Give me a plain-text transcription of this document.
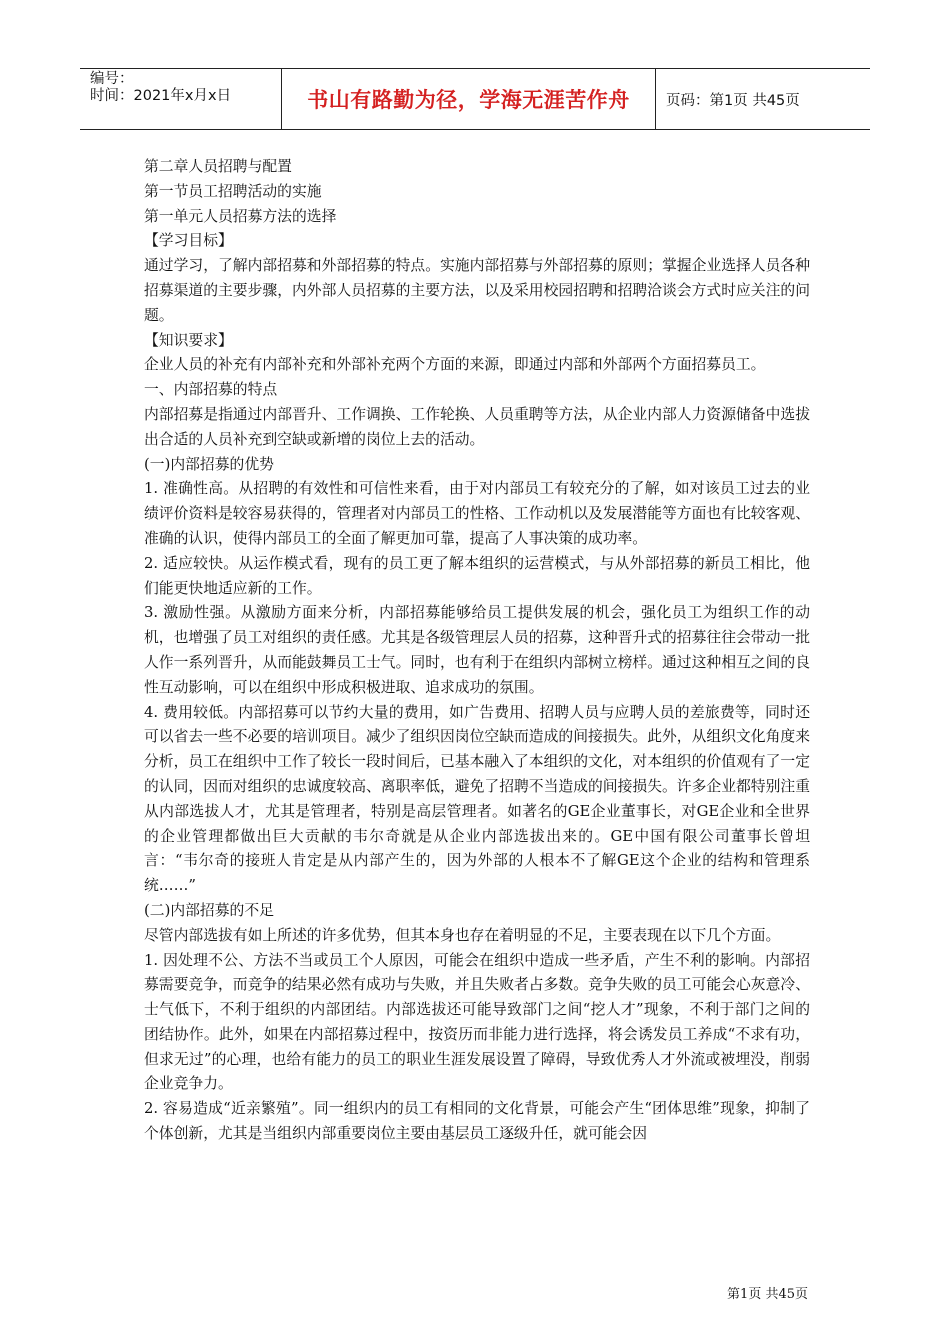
编号：
时间：2021年x月x日	书山有路勤为径，学海无涯苦作舟	页码：第1页 共45页

第二章人员招聘与配置

第一节员工招聘活动的实施

第一单元人员招募方法的选择

【学习目标】

通过学习，了解内部招募和外部招募的特点。实施内部招募与外部招募的原则；掌握企业选择人员各种招募渠道的主要步骤，内外部人员招募的主要方法，以及采用校园招聘和招聘洽谈会方式时应关注的问题。

【知识要求】

企业人员的补充有内部补充和外部补充两个方面的来源，即通过内部和外部两个方面招募员工。

一、内部招募的特点

内部招募是指通过内部晋升、工作调换、工作轮换、人员重聘等方法，从企业内部人力资源储备中选拔出合适的人员补充到空缺或新增的岗位上去的活动。

(一)内部招募的优势

1. 准确性高。从招聘的有效性和可信性来看，由于对内部员工有较充分的了解，如对该员工过去的业绩评价资料是较容易获得的，管理者对内部员工的性格、工作动机以及发展潜能等方面也有比较客观、准确的认识，使得内部员工的全面了解更加可靠，提高了人事决策的成功率。

2. 适应较快。从运作模式看，现有的员工更了解本组织的运营模式，与从外部招募的新员工相比，他们能更快地适应新的工作。

3. 激励性强。从激励方面来分析，内部招募能够给员工提供发展的机会，强化员工为组织工作的动机，也增强了员工对组织的责任感。尤其是各级管理层人员的招募，这种晋升式的招募往往会带动一批人作一系列晋升，从而能鼓舞员工士气。同时，也有利于在组织内部树立榜样。通过这种相互之间的良性互动影响，可以在组织中形成积极进取、追求成功的氛围。

4. 费用较低。内部招募可以节约大量的费用，如广告费用、招聘人员与应聘人员的差旅费等，同时还可以省去一些不必要的培训项目。减少了组织因岗位空缺而造成的间接损失。此外，从组织文化角度来分析，员工在组织中工作了较长一段时间后，已基本融入了本组织的文化，对本组织的价值观有了一定的认同，因而对组织的忠诚度较高、离职率低，避免了招聘不当造成的间接损失。许多企业都特别注重从内部选拔人才，尤其是管理者，特别是高层管理者。如著名的GE企业董事长，对GE企业和全世界的企业管理都做出巨大贡献的韦尔奇就是从企业内部选拔出来的。GE中国有限公司董事长曾坦言：“韦尔奇的接班人肯定是从内部产生的，因为外部的人根本不了解GE这个企业的结构和管理系统……”

(二)内部招募的不足

尽管内部选拔有如上所述的许多优势，但其本身也存在着明显的不足，主要表现在以下几个方面。

1. 因处理不公、方法不当或员工个人原因，可能会在组织中造成一些矛盾，产生不利的影响。内部招募需要竞争，而竞争的结果必然有成功与失败，并且失败者占多数。竞争失败的员工可能会心灰意冷、士气低下，不利于组织的内部团结。内部选拔还可能导致部门之间“挖人才”现象，不利于部门之间的团结协作。此外，如果在内部招募过程中，按资历而非能力进行选择，将会诱发员工养成“不求有功，但求无过”的心理，也给有能力的员工的职业生涯发展设置了障碍，导致优秀人才外流或被埋没，削弱企业竞争力。

2. 容易造成“近亲繁殖”。同一组织内的员工有相同的文化背景，可能会产生“团体思维”现象，抑制了个体创新，尤其是当组织内部重要岗位主要由基层员工逐级升任，就可能会因

第1页 共45页
